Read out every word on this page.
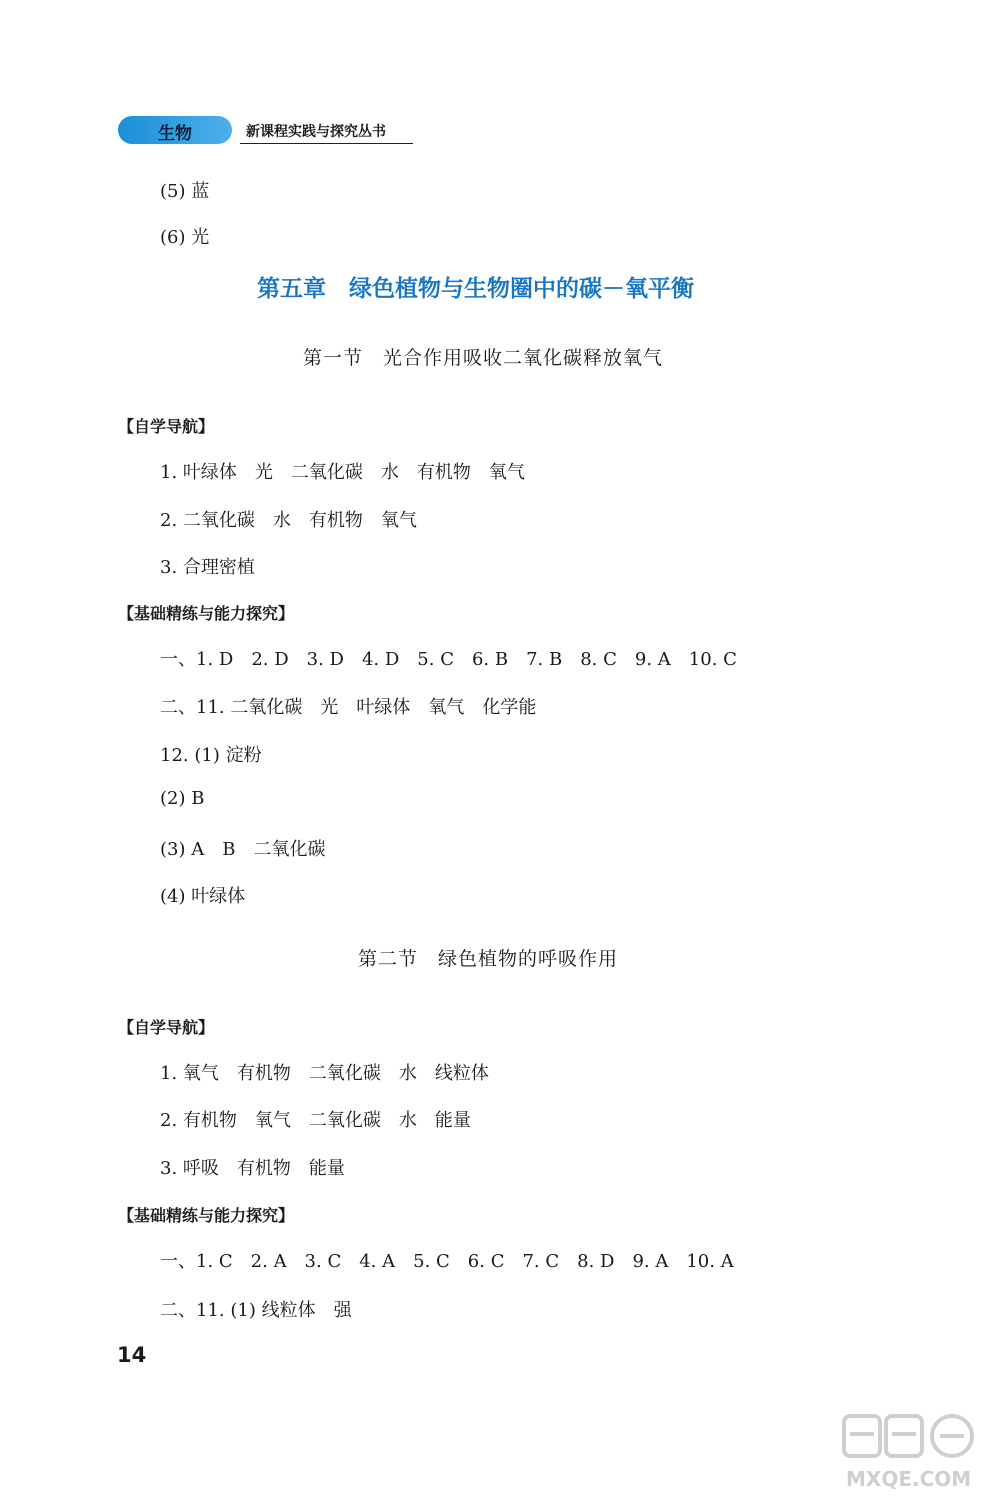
生物	新课程实践与探究丛书
(5) 蓝
(6) 光
第五章　绿色植物与生物圈中的碳－氧平衡
第一节　光合作用吸收二氧化碳释放氧气
【自学导航】
1. 叶绿体　光　二氧化碳　水　有机物　氧气
2. 二氧化碳　水　有机物　氧气
3. 合理密植
【基础精练与能力探究】
一、1. D　2. D　3. D　4. D　5. C　6. B　7. B　8. C　9. A　10. C
二、11. 二氧化碳　光　叶绿体　氧气　化学能
12. (1) 淀粉
(2) B
(3) A　B　二氧化碳
(4) 叶绿体
第二节　绿色植物的呼吸作用
【自学导航】
1. 氧气　有机物　二氧化碳　水　线粒体
2. 有机物　氧气　二氧化碳　水　能量
3. 呼吸　有机物　能量
【基础精练与能力探究】
一、1. C　2. A　3. C　4. A　5. C　6. C　7. C　8. D　9. A　10. A
二、11. (1) 线粒体　强
14
MXQE.COM
